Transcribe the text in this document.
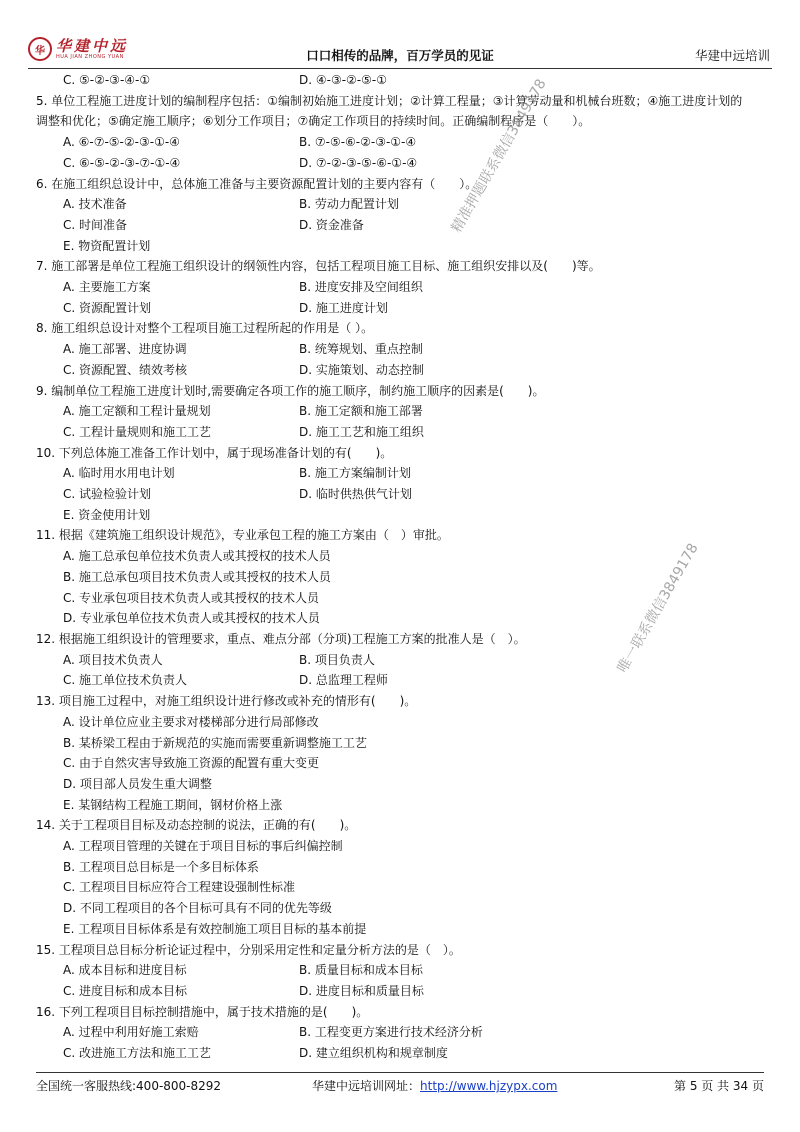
华 华建中远
HUA JIAN ZHONG YUAN	口口相传的品牌，百万学员的见证	华建中远培训
C. ⑤-②-③-④-①	D. ④-③-②-⑤-①
5. 单位工程施工进度计划的编制程序包括：①编制初始施工进度计划；②计算工程量；③计算劳动量和机械台班数；④施工进度计划的
调整和优化；⑤确定施工顺序；⑥划分工作项目；⑦确定工作项目的持续时间。正确编制程序是（　　）。
A. ⑥-⑦-⑤-②-③-①-④	B. ⑦-⑤-⑥-②-③-①-④
C. ⑥-⑤-②-③-⑦-①-④	D. ⑦-②-③-⑤-⑥-①-④
6. 在施工组织总设计中，总体施工准备与主要资源配置计划的主要内容有（　　）。
A. 技术准备	B. 劳动力配置计划
C. 时间准备	D. 资金准备
E. 物资配置计划
7. 施工部署是单位工程施工组织设计的纲领性内容，包括工程项目施工目标、施工组织安排以及(　　)等。
A. 主要施工方案	B. 进度安排及空间组织
C. 资源配置计划	D. 施工进度计划
8. 施工组织总设计对整个工程项目施工过程所起的作用是（ ）。
A. 施工部署、进度协调	B. 统筹规划、重点控制
C. 资源配置、绩效考核	D. 实施策划、动态控制
9. 编制单位工程施工进度计划时,需要确定各项工作的施工顺序，制约施工顺序的因素是(　　)。
A. 施工定额和工程计量规划	B. 施工定额和施工部署
C. 工程计量规则和施工工艺	D. 施工工艺和施工组织
10. 下列总体施工准备工作计划中，属于现场准备计划的有(　　)。
A. 临时用水用电计划	B. 施工方案编制计划
C. 试验检验计划	D. 临时供热供气计划
E. 资金使用计划
11. 根据《建筑施工组织设计规范》，专业承包工程的施工方案由（　）审批。
A. 施工总承包单位技术负责人或其授权的技术人员
B. 施工总承包项目技术负责人或其授权的技术人员
C. 专业承包项目技术负责人或其授权的技术人员
D. 专业承包单位技术负责人或其授权的技术人员
12. 根据施工组织设计的管理要求，重点、难点分部（分项)工程施工方案的批准人是（　）。
A. 项目技术负责人	B. 项目负责人
C. 施工单位技术负责人	D. 总监理工程师
13. 项目施工过程中，对施工组织设计进行修改或补充的情形有(　　)。
A. 设计单位应业主要求对楼梯部分进行局部修改
B. 某桥梁工程由于新规范的实施而需要重新调整施工工艺
C. 由于自然灾害导致施工资源的配置有重大变更
D. 项目部人员发生重大调整
E. 某钢结构工程施工期间，钢材价格上涨
14. 关于工程项目目标及动态控制的说法，正确的有(　　)。
A. 工程项目管理的关键在于项目目标的事后纠偏控制
B. 工程项目总目标是一个多目标体系
C. 工程项目目标应符合工程建设强制性标准
D. 不同工程项目的各个目标可具有不同的优先等级
E. 工程项目目标体系是有效控制施工项目目标的基本前提
15. 工程项目总目标分析论证过程中，分别采用定性和定量分析方法的是（　）。
A. 成本目标和进度目标	B. 质量目标和成本目标
C. 进度目标和成本目标	D. 进度目标和质量目标
16. 下列工程项目目标控制措施中，属于技术措施的是(　　)。
A. 过程中利用好施工索赔	B. 工程变更方案进行技术经济分析
C. 改进施工方法和施工工艺	D. 建立组织机构和规章制度
精准押题联系微信3849178
唯一联系微信3849178
全国统一客服热线:400-800-8292	华建中远培训网址：http://www.hjzypx.com	第 5 页 共 34 页
